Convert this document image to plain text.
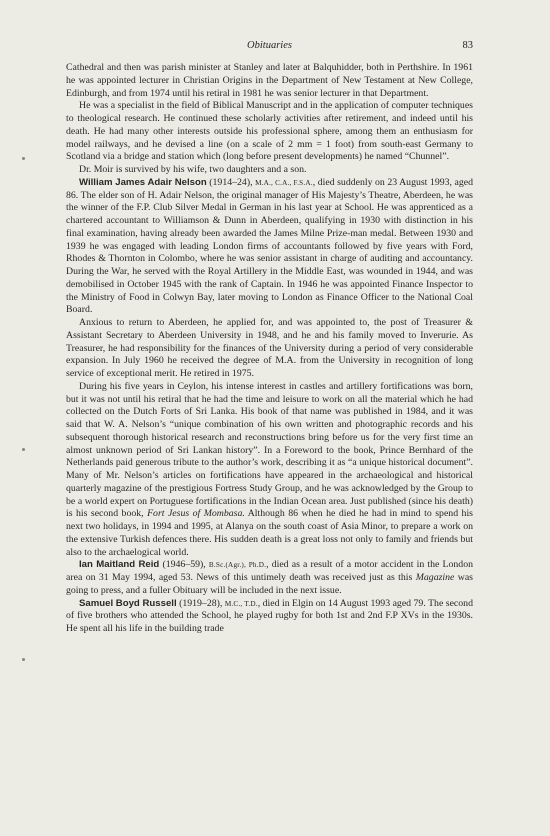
Obituaries	83

Cathedral and then was parish minister at Stanley and later at Balquhidder, both in Perthshire. In 1961 he was appointed lecturer in Christian Origins in the Department of New Testament at New College, Edinburgh, and from 1974 until his retiral in 1981 he was senior lecturer in that Department.

He was a specialist in the field of Biblical Manuscript and in the application of computer techniques to theological research. He continued these scholarly activities after retirement, and indeed until his death. He had many other interests outside his professional sphere, among them an enthusiasm for model railways, and he devised a line (on a scale of 2 mm = 1 foot) from south-east Germany to Scotland via a bridge and station which (long before present developments) he named “Chunnel”.

Dr. Moir is survived by his wife, two daughters and a son.

William James Adair Nelson (1914–24), M.A., C.A., F.S.A., died suddenly on 23 August 1993, aged 86. The elder son of H. Adair Nelson, the original manager of His Majesty’s Theatre, Aberdeen, he was the winner of the F.P. Club Silver Medal in German in his last year at School. He was apprenticed as a chartered accountant to Williamson & Dunn in Aberdeen, qualifying in 1930 with distinction in his final examination, having already been awarded the James Milne Prize-man medal. Between 1930 and 1939 he was engaged with leading London firms of accountants followed by five years with Ford, Rhodes & Thornton in Colombo, where he was senior assistant in charge of auditing and accountancy. During the War, he served with the Royal Artillery in the Middle East, was wounded in 1944, and was demobilised in October 1945 with the rank of Captain. In 1946 he was appointed Finance Inspector to the Ministry of Food in Colwyn Bay, later moving to London as Finance Officer to the National Coal Board.

Anxious to return to Aberdeen, he applied for, and was appointed to, the post of Treasurer & Assistant Secretary to Aberdeen University in 1948, and he and his family moved to Inverurie. As Treasurer, he had responsibility for the finances of the University during a period of very considerable expansion. In July 1960 he received the degree of M.A. from the University in recognition of long service of exceptional merit. He retired in 1975.

During his five years in Ceylon, his intense interest in castles and artillery fortifications was born, but it was not until his retiral that he had the time and leisure to work on all the material which he had collected on the Dutch Forts of Sri Lanka. His book of that name was published in 1984, and it was said that W. A. Nelson’s “unique combination of his own written and photographic records and his subsequent thorough historical research and reconstructions bring before us for the very first time an almost unknown period of Sri Lankan history”. In a Foreword to the book, Prince Bernhard of the Netherlands paid generous tribute to the author’s work, describing it as “a unique historical document”. Many of Mr. Nelson’s articles on fortifications have appeared in the archaeological and historical quarterly magazine of the prestigious Fortress Study Group, and he was acknowledged by the Group to be a world expert on Portuguese fortifications in the Indian Ocean area. Just published (since his death) is his second book, Fort Jesus of Mombasa. Although 86 when he died he had in mind to spend his next two holidays, in 1994 and 1995, at Alanya on the south coast of Asia Minor, to prepare a work on the extensive Turkish defences there. His sudden death is a great loss not only to family and friends but also to the archaelogical world.

Ian Maitland Reid (1946–59), B.Sc.(Agr.), Ph.D., died as a result of a motor accident in the London area on 31 May 1994, aged 53. News of this untimely death was received just as this Magazine was going to press, and a fuller Obituary will be included in the next issue.

Samuel Boyd Russell (1919–28), M.C., T.D., died in Elgin on 14 August 1993 aged 79. The second of five brothers who attended the School, he played rugby for both 1st and 2nd F.P XVs in the 1930s. He spent all his life in the building trade
